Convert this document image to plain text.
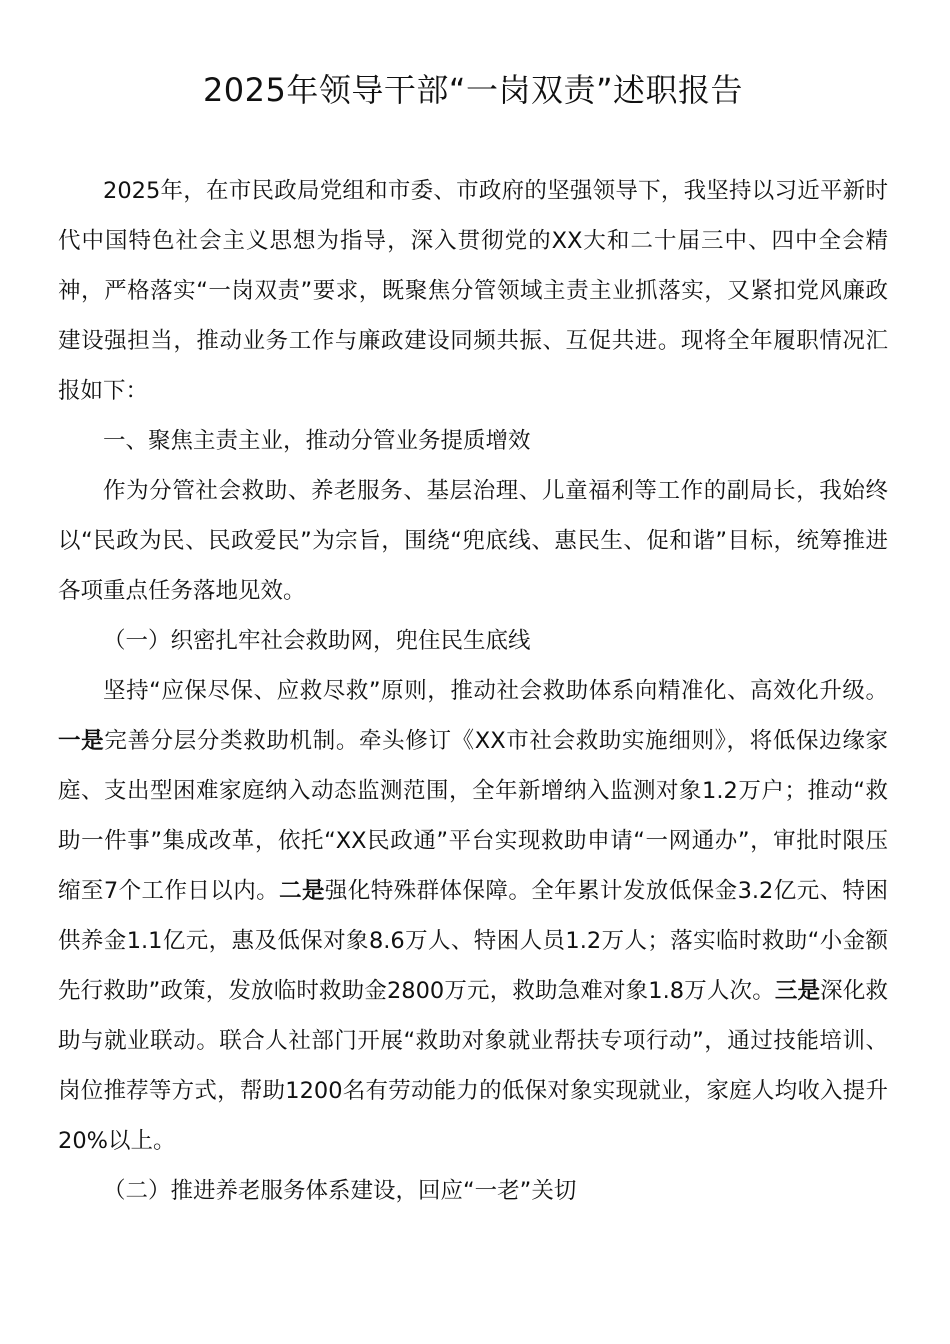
2025年领导干部“一岗双责”述职报告

2025年，在市民政局党组和市委、市政府的坚强领导下，我坚持以习近平新时代中国特色社会主义思想为指导，深入贯彻党的XX大和二十届三中、四中全会精神，严格落实“一岗双责”要求，既聚焦分管领域主责主业抓落实，又紧扣党风廉政建设强担当，推动业务工作与廉政建设同频共振、互促共进。现将全年履职情况汇报如下：

一、聚焦主责主业，推动分管业务提质增效

作为分管社会救助、养老服务、基层治理、儿童福利等工作的副局长，我始终以“民政为民、民政爱民”为宗旨，围绕“兜底线、惠民生、促和谐”目标，统筹推进各项重点任务落地见效。

（一）织密扎牢社会救助网，兜住民生底线

坚持“应保尽保、应救尽救”原则，推动社会救助体系向精准化、高效化升级。一是完善分层分类救助机制。牵头修订《XX市社会救助实施细则》，将低保边缘家庭、支出型困难家庭纳入动态监测范围，全年新增纳入监测对象1.2万户；推动“救助一件事”集成改革，依托“XX民政通”平台实现救助申请“一网通办”，审批时限压缩至7个工作日以内。二是强化特殊群体保障。全年累计发放低保金3.2亿元、特困供养金1.1亿元，惠及低保对象8.6万人、特困人员1.2万人；落实临时救助“小金额先行救助”政策，发放临时救助金2800万元，救助急难对象1.8万人次。三是深化救助与就业联动。联合人社部门开展“救助对象就业帮扶专项行动”，通过技能培训、岗位推荐等方式，帮助1200名有劳动能力的低保对象实现就业，家庭人均收入提升20%以上。

（二）推进养老服务体系建设，回应“一老”关切
